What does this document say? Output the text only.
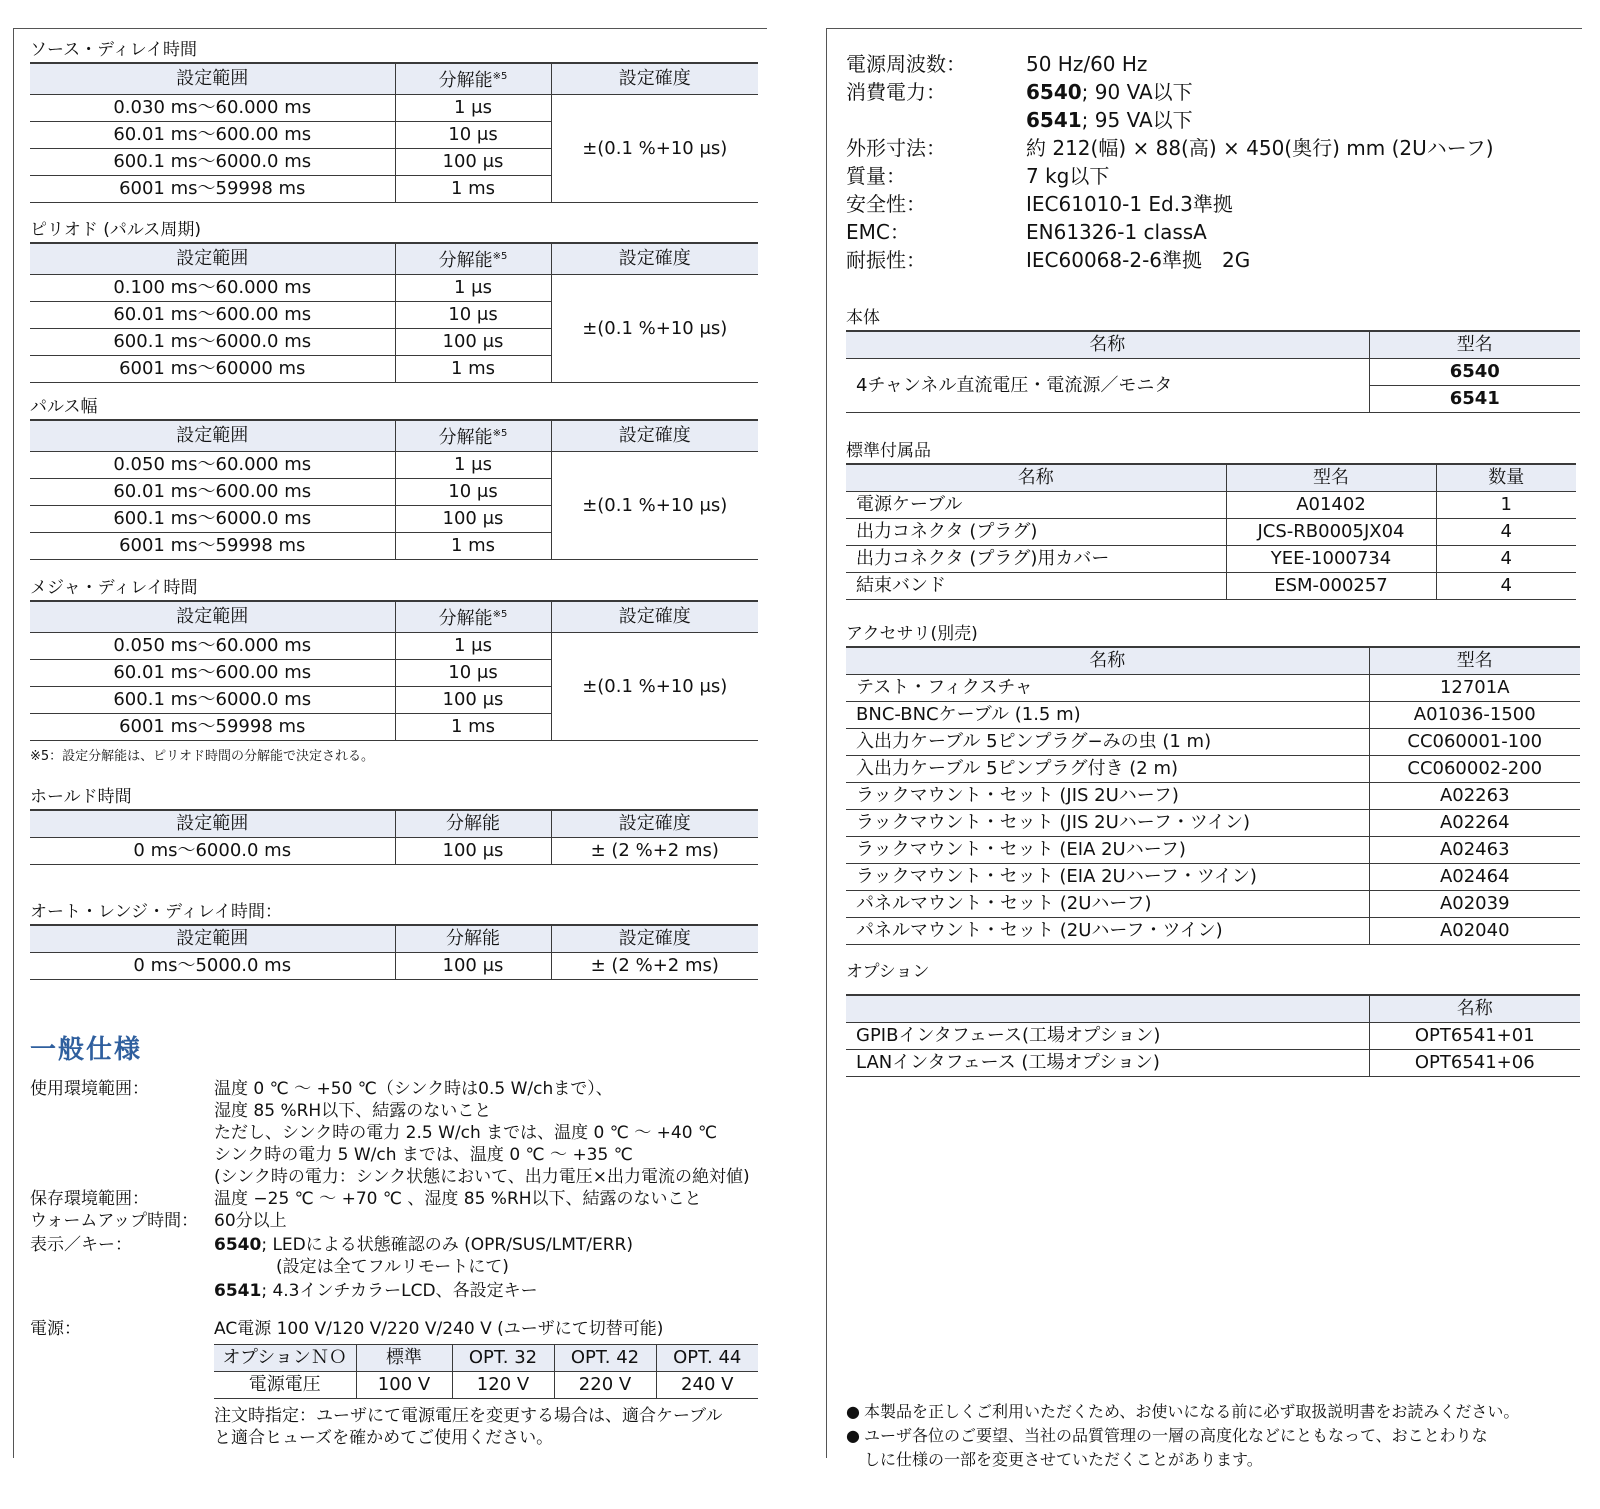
ソース・ディレイ時間

設定範囲	分解能$^{※5}$	設定確度
0.030 ms～60.000 ms	1 μs	±(0.1 %+10 μs)
60.01 ms～600.00 ms	10 μs	
600.1 ms～6000.0 ms	100 μs	
6001 ms～59998 ms	1 ms	

ピリオド (パルス周期)

設定範囲	分解能$^{※5}$	設定確度
0.100 ms～60.000 ms	1 μs	±(0.1 %+10 μs)
60.01 ms～600.00 ms	10 μs	
600.1 ms～6000.0 ms	100 μs	
6001 ms～60000 ms	1 ms	

パルス幅

設定範囲	分解能$^{※5}$	設定確度
0.050 ms～60.000 ms	1 μs	±(0.1 %+10 μs)
60.01 ms～600.00 ms	10 μs	
600.1 ms～6000.0 ms	100 μs	
6001 ms～59998 ms	1 ms	

メジャ・ディレイ時間

設定範囲	分解能$^{※5}$	設定確度
0.050 ms～60.000 ms	1 μs	±(0.1 %+10 μs)
60.01 ms～600.00 ms	10 μs	
600.1 ms～6000.0 ms	100 μs	
6001 ms～59998 ms	1 ms	

※5：設定分解能は、ピリオド時間の分解能で決定される。

ホールド時間

設定範囲	分解能	設定確度
0 ms～6000.0 ms	100 μs	± (2 %+2 ms)

オート・レンジ・ディレイ時間：

設定範囲	分解能	設定確度
0 ms～5000.0 ms	100 μs	± (2 %+2 ms)

一般仕様

使用環境範囲：	温度 0 ℃ ～ +50 ℃（シンク時は0.5 W/chまで）、
湿度 85 %RH以下、結露のないこと
ただし、シンク時の電力 2.5 W/ch までは、温度 0 ℃ ～ +40 ℃
シンク時の電力 5 W/ch までは、温度 0 ℃ ～ +35 ℃
(シンク時の電力：シンク状態において、出力電圧×出力電流の絶対値)
保存環境範囲：	温度 −25 ℃ ～ +70 ℃ 、湿度 85 %RH以下、結露のないこと
ウォームアップ時間： 60分以上
表示／キー：	6540; LEDによる状態確認のみ (OPR/SUS/LMT/ERR)
(設定は全てフルリモートにて)
6541; 4.3インチカラーLCD、各設定キー
電源：	AC電源 100 V/120 V/220 V/240 V (ユーザにて切替可能)
オプションＮＯ	標準	OPT. 32	OPT. 42	OPT. 44
電源電圧	100 V	120 V	220 V	240 V
注文時指定：ユーザにて電源電圧を変更する場合は、適合ケーブル
と適合ヒューズを確かめてご使用ください。
電源周波数：	50 Hz/60 Hz
消費電力：	6540; 90 VA以下
6541; 95 VA以下
外形寸法：	約 212(幅) × 88(高) × 450(奥行) mm (2Uハーフ)
質量：	7 kg以下
安全性：	IEC61010-1 Ed.3準拠
EMC：	EN61326-1 classA
耐振性：	IEC60068-2-6準拠　2G

本体

名称	型名
4チャンネル直流電圧・電流源／モニタ	6540
	6541

標準付属品

名称	型名	数量
電源ケーブル	A01402	1
出力コネクタ (プラグ)	JCS-RB0005JX04	4
出力コネクタ (プラグ)用カバー	YEE-1000734	4
結束バンド	ESM-000257	4

アクセサリ(別売)

名称	型名
テスト・フィクスチャ	12701A
BNC-BNCケーブル (1.5 m)	A01036-1500
入出力ケーブル 5ピンプラグ−みの虫 (1 m)	CC060001-100
入出力ケーブル 5ピンプラグ付き (2 m)	CC060002-200
ラックマウント・セット (JIS 2Uハーフ)	A02263
ラックマウント・セット (JIS 2Uハーフ・ツイン)	A02264
ラックマウント・セット (EIA 2Uハーフ)	A02463
ラックマウント・セット (EIA 2Uハーフ・ツイン)	A02464
パネルマウント・セット (2Uハーフ)	A02039
パネルマウント・セット (2Uハーフ・ツイン)	A02040

オプション

	名称
GPIBインタフェース(工場オプション)	OPT6541+01
LANインタフェース (工場オプション)	OPT6541+06
● 本製品を正しくご利用いただくため、お使いになる前に必ず取扱説明書をお読みください。
● ユーザ各位のご要望、当社の品質管理の一層の高度化などにともなって、おことわりな
しに仕様の一部を変更させていただくことがあります。
